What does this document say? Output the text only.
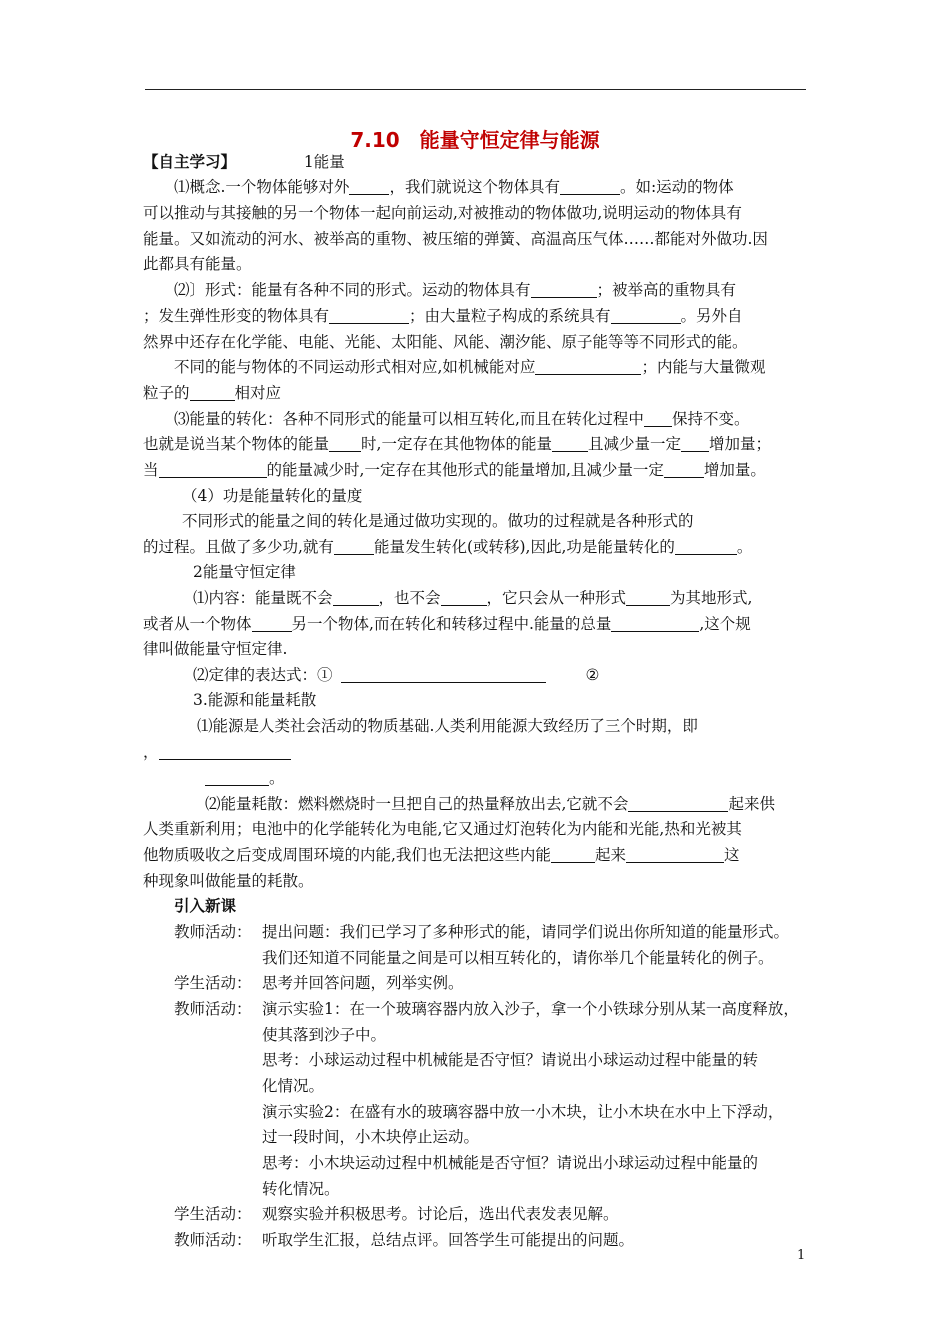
7.10　能量守恒定律与能源
【自主学习】	1能量
⑴概念.一个物体能够对外	，我们就说这个物体具有	。如:运动的物体
可以推动与其接触的另一个物体一起向前运动,对被推动的物体做功,说明运动的物体具有
能量。又如流动的河水、被举高的重物、被压缩的弹簧、高温高压气体……都能对外做功.因
此都具有能量。
⑵〕形式：能量有各种不同的形式。运动的物体具有	；被举高的重物具有
；发生弹性形变的物体具有	；由大量粒子构成的系统具有	。另外自
然界中还存在化学能、电能、光能、太阳能、风能、潮汐能、原子能等等不同形式的能。
不同的能与物体的不同运动形式相对应,如机械能对应	；内能与大量微观
粒子的	相对应
⑶能量的转化：各种不同形式的能量可以相互转化,而且在转化过程中 保持不变。
也就是说当某个物体的能量 时,一定存在其他物体的能量 且减少量一定 增加量；
当	的能量减少时,一定存在其他形式的能量增加,且减少量一定	增加量。
（4）功是能量转化的量度
不同形式的能量之间的转化是通过做功实现的。做功的过程就是各种形式的
的过程。且做了多少功,就有	能量发生转化(或转移),因此,功是能量转化的	。
2能量守恒定律
⑴内容：能量既不会	，也不会	，它只会从一种形式	为其地形式,
或者从一个物体	另一个物体,而在转化和转移过程中.能量的总量	,这个规
律叫做能量守恒定律.
⑵定律的表达式：①	②
3.能源和能量耗散
⑴能源是人类社会活动的物质基础.人类利用能源大致经历了三个时期，即
，
。
⑵能量耗散：燃料燃烧时一旦把自己的热量释放出去,它就不会	起来供
人类重新利用；电池中的化学能转化为电能,它又通过灯泡转化为内能和光能,热和光被其
他物质吸收之后变成周围环境的内能,我们也无法把这些内能	起来	这
种现象叫做能量的耗散。
引入新课
教师活动： 提出问题：我们已学习了多种形式的能，请同学们说出你所知道的能量形式。
我们还知道不同能量之间是可以相互转化的，请你举几个能量转化的例子。
学生活动： 思考并回答问题，列举实例。
教师活动： 演示实验1：在一个玻璃容器内放入沙子，拿一个小铁球分别从某一高度释放，
使其落到沙子中。
思考：小球运动过程中机械能是否守恒？请说出小球运动过程中能量的转
化情况。
演示实验2：在盛有水的玻璃容器中放一小木块，让小木块在水中上下浮动，
过一段时间，小木块停止运动。
思考：小木块运动过程中机械能是否守恒？请说出小球运动过程中能量的
转化情况。
学生活动： 观察实验并积极思考。讨论后，选出代表发表见解。
教师活动： 听取学生汇报，总结点评。回答学生可能提出的问题。
1
